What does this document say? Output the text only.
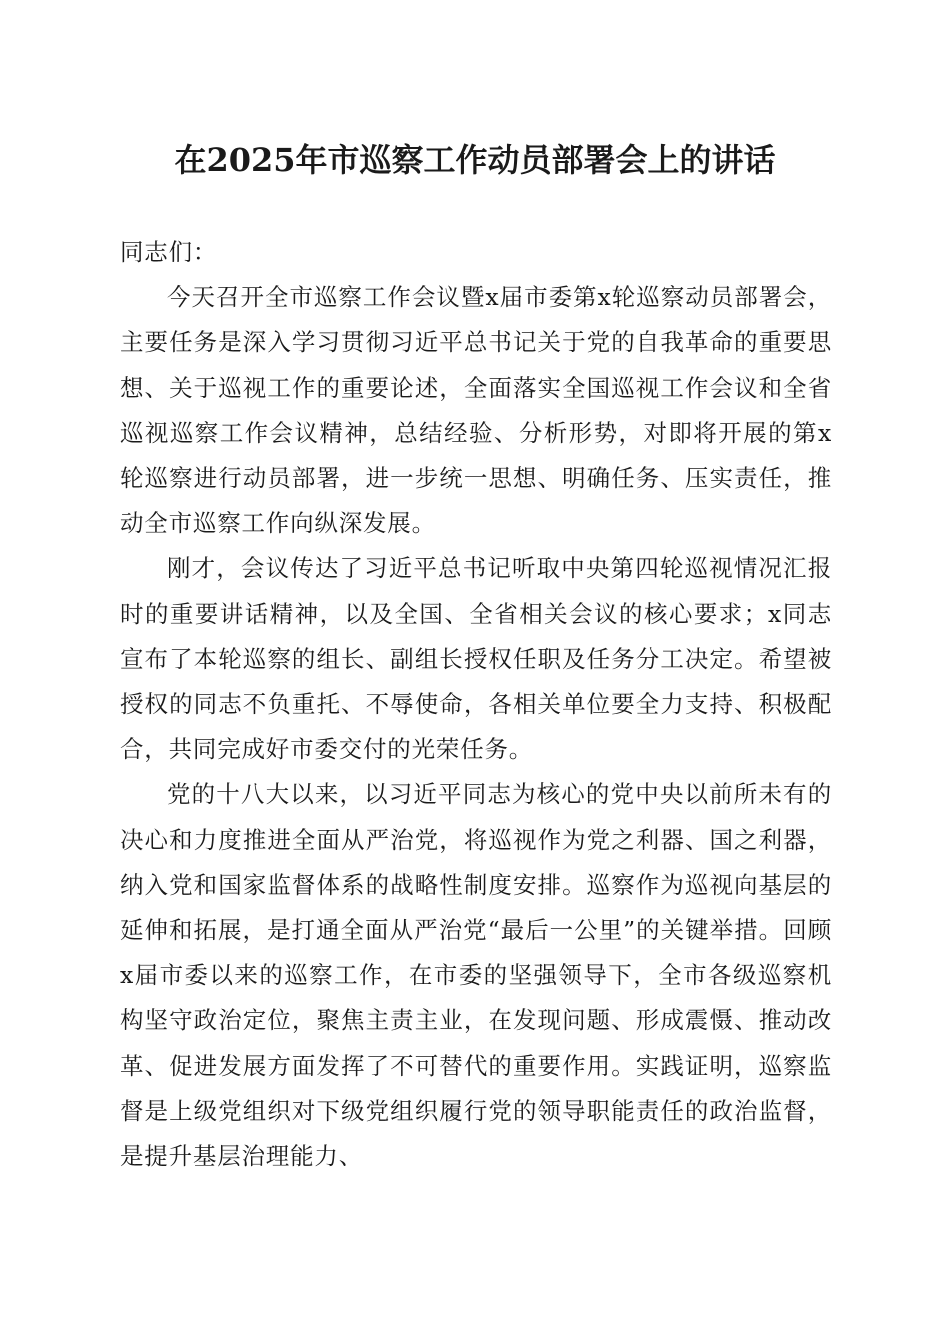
在2025年市巡察工作动员部署会上的讲话

同志们：

今天召开全市巡察工作会议暨x届市委第x轮巡察动员部署会，主要任务是深入学习贯彻习近平总书记关于党的自我革命的重要思想、关于巡视工作的重要论述，全面落实全国巡视工作会议和全省巡视巡察工作会议精神，总结经验、分析形势，对即将开展的第x轮巡察进行动员部署，进一步统一思想、明确任务、压实责任，推动全市巡察工作向纵深发展。

刚才，会议传达了习近平总书记听取中央第四轮巡视情况汇报时的重要讲话精神，以及全国、全省相关会议的核心要求；x同志宣布了本轮巡察的组长、副组长授权任职及任务分工决定。希望被授权的同志不负重托、不辱使命，各相关单位要全力支持、积极配合，共同完成好市委交付的光荣任务。

党的十八大以来，以习近平同志为核心的党中央以前所未有的决心和力度推进全面从严治党，将巡视作为党之利器、国之利器，纳入党和国家监督体系的战略性制度安排。巡察作为巡视向基层的延伸和拓展，是打通全面从严治党“最后一公里”的关键举措。回顾x届市委以来的巡察工作，在市委的坚强领导下，全市各级巡察机构坚守政治定位，聚焦主责主业，在发现问题、形成震慑、推动改革、促进发展方面发挥了不可替代的重要作用。实践证明，巡察监督是上级党组织对下级党组织履行党的领导职能责任的政治监督，是提升基层治理能力、
